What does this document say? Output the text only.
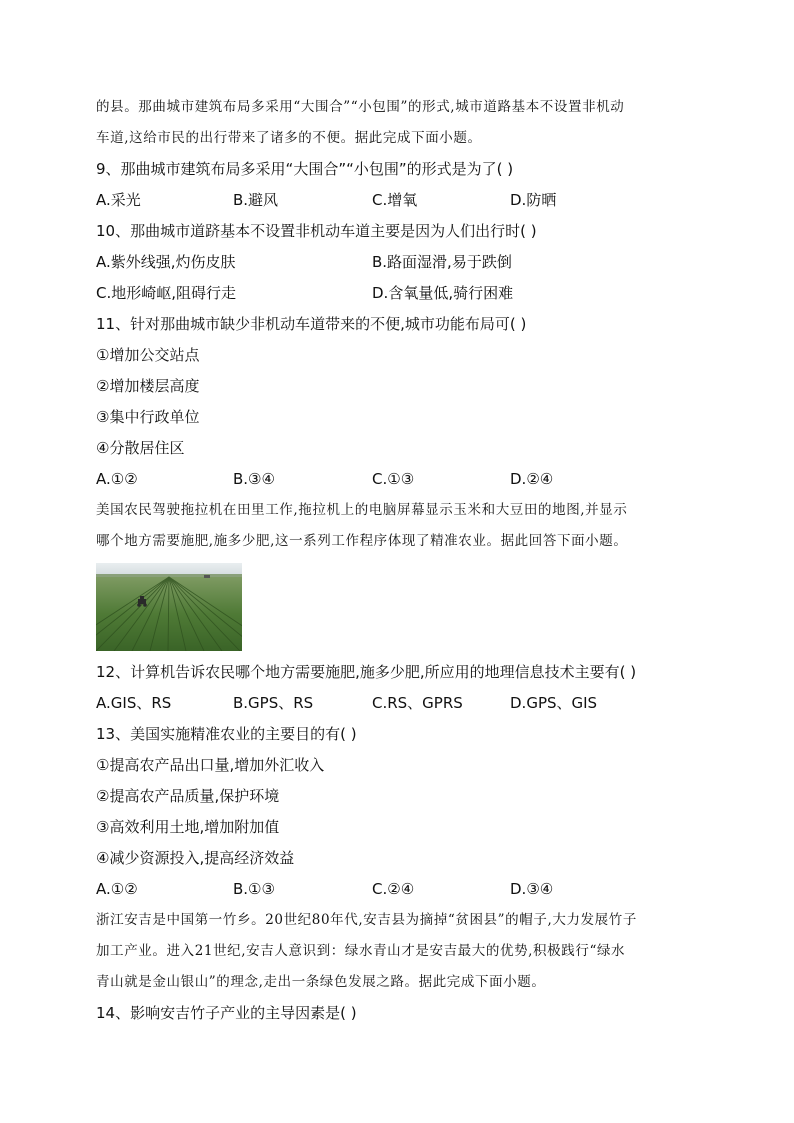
的县。那曲城市建筑布局多采用“大围合”“小包围”的形式,城市道路基本不设置非机动
车道,这给市民的出行带来了诸多的不便。据此完成下面小题。
9、那曲城市建筑布局多采用“大围合”“小包围”的形式是为了( )
A.采光	B.避风	C.增氧	D.防晒
10、那曲城市道跻基本不设置非机动车道主要是因为人们出行时( )
A.紫外线强,灼伤皮肤	B.路面湿滑,易于跌倒
C.地形崎岖,阻碍行走	D.含氧量低,骑行困难
11、针对那曲城市缺少非机动车道带来的不便,城市功能布局可( )
①增加公交站点
②增加楼层高度
③集中行政单位
④分散居住区
A.①②	B.③④	C.①③	D.②④
美国农民驾驶拖拉机在田里工作,拖拉机上的电脑屏幕显示玉米和大豆田的地图,并显示
哪个地方需要施肥,施多少肥,这一系列工作程序体现了精准农业。据此回答下面小题。
12、计算机告诉农民哪个地方需要施肥,施多少肥,所应用的地理信息技术主要有( )
A.GIS、RS	B.GPS、RS	C.RS、GPRS	D.GPS、GIS
13、美国实施精准农业的主要目的有( )
①提高农产品出口量,增加外汇收入
②提高农产品质量,保护环境
③高效利用土地,增加附加值
④减少资源投入,提高经济效益
A.①②	B.①③	C.②④	D.③④
浙江安吉是中国第一竹乡。20世纪80年代,安吉县为摘掉“贫困县”的帽子,大力发展竹子
加工产业。进入21世纪,安吉人意识到：绿水青山才是安吉最大的优势,积极践行“绿水
青山就是金山银山”的理念,走出一条绿色发展之路。据此完成下面小题。
14、影响安吉竹子产业的主导因素是( )
